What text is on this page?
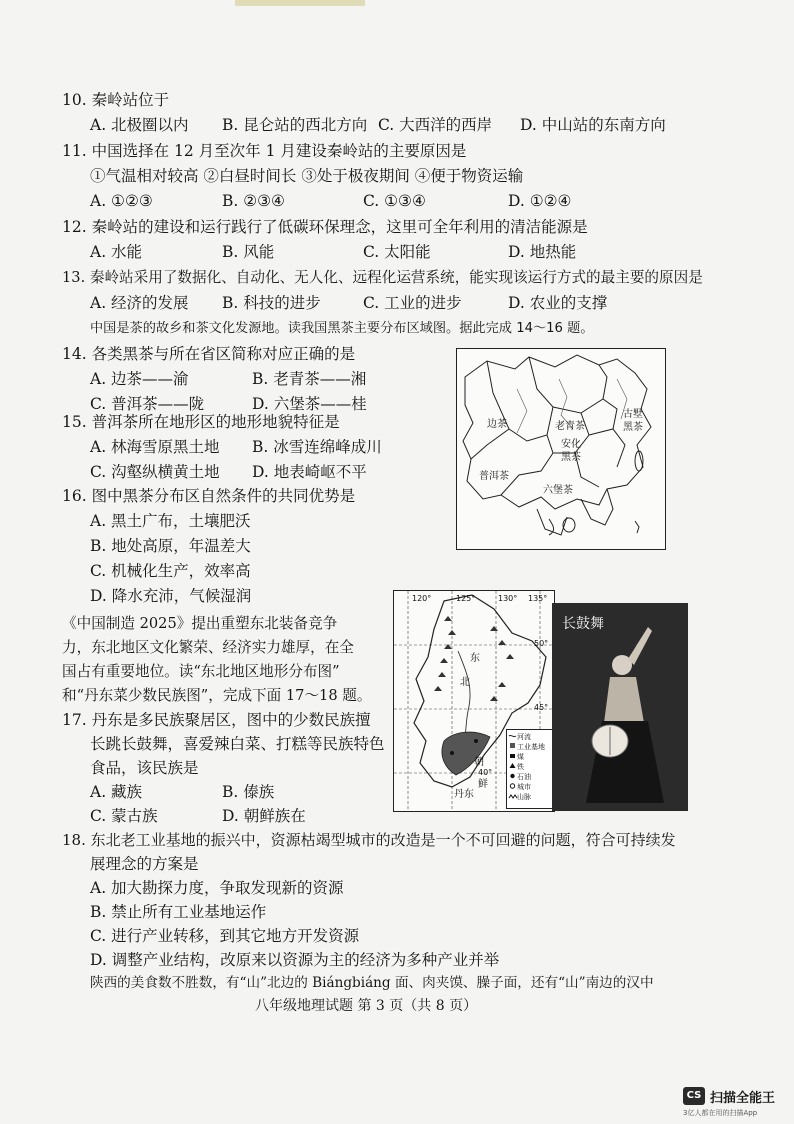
10. 秦岭站位于
A. 北极圈以内 B. 昆仑站的西北方向 C. 大西洋的西岸 D. 中山站的东南方向
11. 中国选择在 12 月至次年 1 月建设秦岭站的主要原因是
①气温相对较高 ②白昼时间长 ③处于极夜期间 ④便于物资运输
A. ①②③	B. ②③④	C. ①③④	D. ①②④
12. 秦岭站的建设和运行践行了低碳环保理念，这里可全年利用的清洁能源是
A. 水能	B. 风能	C. 太阳能	D. 地热能
13. 秦岭站采用了数据化、自动化、无人化、远程化运营系统，能实现该运行方式的最主要的原因是
A. 经济的发展 B. 科技的进步	C. 工业的进步	D. 农业的支撑
中国是茶的故乡和茶文化发源地。读我国黑茶主要分布区域图。据此完成 14～16 题。
14. 各类黑茶与所在省区简称对应正确的是
A. 边茶——渝	B. 老青茶——湘
C. 普洱茶——陇	D. 六堡茶——桂
15. 普洱茶所在地形区的地形地貌特征是
A. 林海雪原黑土地 B. 冰雪连绵峰成川
C. 沟壑纵横黄土地 D. 地表崎岖不平
16. 图中黑茶分布区自然条件的共同优势是
A. 黑土广布，土壤肥沃
B. 地处高原，年温差大
C. 机械化生产，效率高
D. 降水充沛，气候湿润
边茶	老青茶
安化
黑茶
古墅
黑茶
普洱茶
六堡茶
《中国制造 2025》提出重塑东北装备竞争
力，东北地区文化繁荣、经济实力雄厚，在全
国占有重要地位。读“东北地区地形分布图”
和“丹东菜少数民族图”，完成下面 17～18 题。
17. 丹东是多民族聚居区，图中的少数民族擅
长跳长鼓舞，喜爱辣白菜、打糕等民族特色
食品，该民族是
A. 藏族	B. 傣族
C. 蒙古族	D. 朝鲜族在
120°	125°	130° 135°
50°
45°
40°
东
北
朝
鲜
丹东
河流
工业基地
煤
铁
石油
城市
山脉
长鼓舞
18. 东北老工业基地的振兴中，资源枯竭型城市的改造是一个不可回避的问题，符合可持续发
展理念的方案是
A. 加大勘探力度，争取发现新的资源
B. 禁止所有工业基地运作
C. 进行产业转移，到其它地方开发资源
D. 调整产业结构，改原来以资源为主的经济为多种产业并举
陕西的美食数不胜数，有“山”北边的 Biángbiáng 面、肉夹馍、臊子面，还有“山”南边的汉中
八年级地理试题 第 3 页（共 8 页）
CS 扫描全能王
3亿人都在用的扫描App
